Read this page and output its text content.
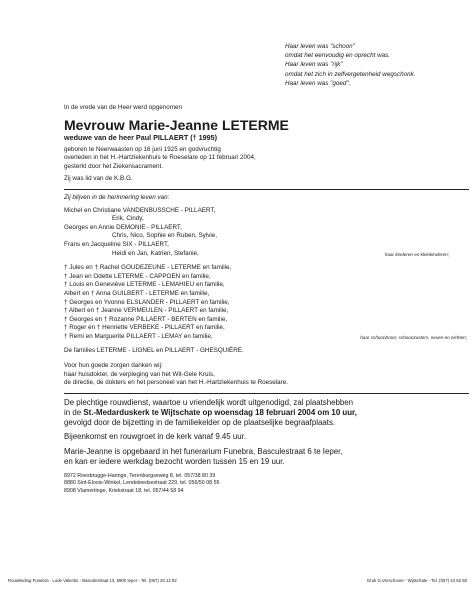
Haar leven was "schoon"
omdat het eenvoudig en oprecht was.
Haar leven was "rijk"
omdat het zich in zelfvergetenheid wegschonk.
Haar leven was "goed".
In de vrede van de Heer werd opgenomen
Mevrouw Marie-Jeanne LETERME
weduwe van de heer Paul PILLAERT († 1995)
geboren te Neerwaasten op 16 juni 1925 en godvruchtig
overleden in het H.-Hartziekenhuis te Roeselare op 11 februari 2004,
gesterkt door het Ziekensacrament.
Zij was lid van de K.B.G.
Zij blijven in de herinnering leven van:
Michel en Christiane VANDENBUSSCHE - PILLAERT,
Erik, Cindy,
Georges en Annie DEMONIE - PILLAERT,
Chris, Nico, Sophie en Ruben, Sylvie,
Frans en Jacqueline SIX - PILLAERT,
Heidi en Jan, Katrien, Stefanie,	haar kinderen en kleinkinderen;
† Jules en † Rachel GOUDEZEUNE - LETERME en familie,
† Jean en Odette LETERME - CAPPOEN en familie,
† Louis en Geneviève LETERME - LEMAHIEU en familie,
Albert en † Anna GUILBERT - LETERME en familie,
† Georges en Yvonne ELSLANDER - PILLAERT en familie,
† Albert en † Jeanne VERMEULEN - PILLAERT en familie,
† Georges en † Rozanne PILLAERT - BERTEN en familie,
† Roger en † Henriette VERBEKE - PILLAERT en familie,
† Remi en Marguerite PILLAERT - LEMAY en familie,	haar schoonbroer, schoonzusters, neven en nichten;
De families LETERME - LIGNEL en PILLAERT - GHESQUIÈRE.
Voor hun goede zorgen danken wij:
haar huisdokter, de verpleging van het Wit-Gele Kruis,
de directie, de dokters en het personeel van het H.-Hartziekenhuis te Roeselare.
De plechtige rouwdienst, waartoe u vriendelijk wordt uitgenodigd, zal plaatshebben
in de St.-Medarduskerk te Wijtschate op woensdag 18 februari 2004 om 10 uur,
gevolgd door de bijzetting in de familiekelder op de plaatselijke begraafplaats.
Bijeenkomst en rouwgroet in de kerk vanaf 9.45 uur.
Marie-Jeanne is opgebaard in het funerarium Funebra, Basculestraat 6 te Ieper,
en kan er iedere werkdag bezocht worden tussen 15 en 19 uur.
8972 Roesbrugge-Haringe, Terenburgseweg 8, tel. 057/38 80 39
8880 Sint-Eloois-Winkel, Lendeleedsestraat 229, tel. 056/50 08 55
8908 Vlamertinge, Kriekstraat 18, tel. 057/44 58 94
Rouwleiding Funebra - Lode Valentin - Basculestraat 13, 8900 Ieper - Tel. (057) 20 12 82	Druk G.Verschoore - Wijtschate - Tel. (057) 44 52 50
